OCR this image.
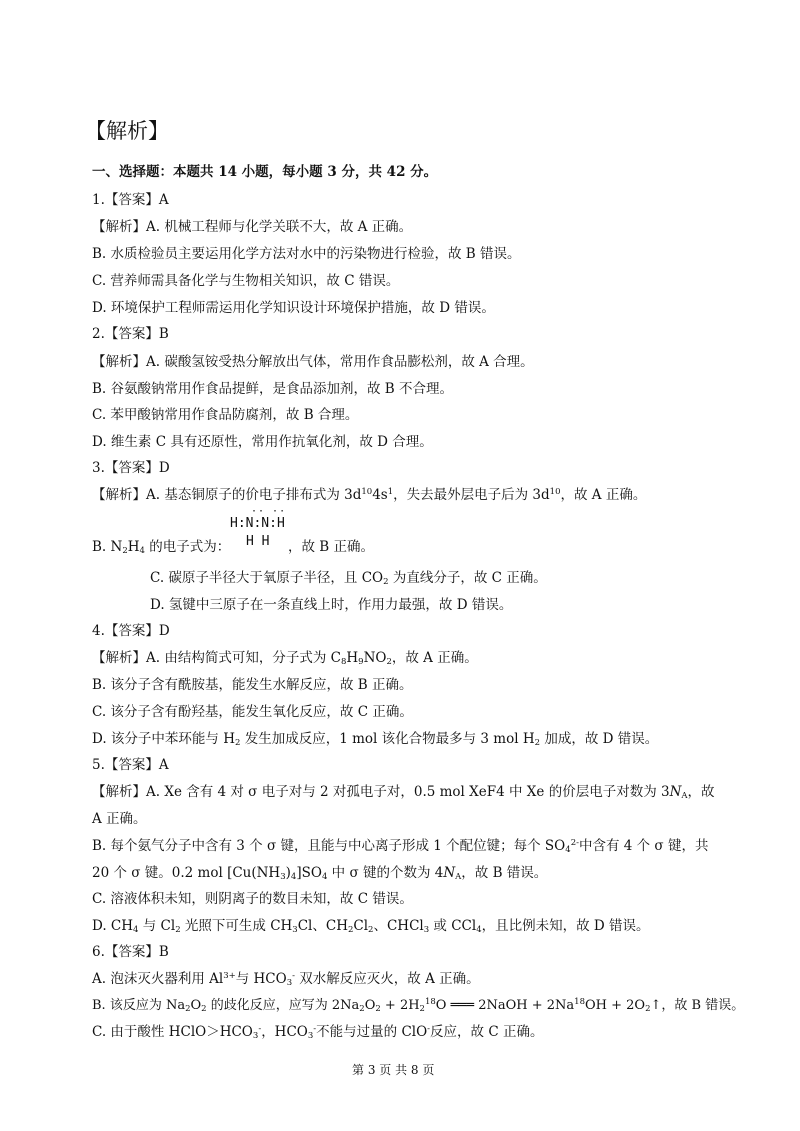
【解析】
一、选择题：本题共 14 小题，每小题 3 分，共 42 分。
1.【答案】A
【解析】A. 机械工程师与化学关联不大，故 A 正确。
B. 水质检验员主要运用化学方法对水中的污染物进行检验，故 B 错误。
C. 营养师需具备化学与生物相关知识，故 C 错误。
D. 环境保护工程师需运用化学知识设计环境保护措施，故 D 错误。
2.【答案】B
【解析】A. 碳酸氢铵受热分解放出气体，常用作食品膨松剂，故 A 合理。
B. 谷氨酸钠常用作食品提鲜，是食品添加剂，故 B 不合理。
C. 苯甲酸钠常用作食品防腐剂，故 B 合理。
D. 维生素 C 具有还原性，常用作抗氧化剂，故 D 合理。
3.【答案】D
【解析】A. 基态铜原子的价电子排布式为 $3d^{10}4s^1$，失去最外层电子后为 $3d^{10}$，故 A 正确。
·· ··
H:N:N:H
H H
B. $N_2H_4$ 的电子式为：	，故 B 正确。
C. 碳原子半径大于氧原子半径，且 $CO_2$ 为直线分子，故 C 正确。
D. 氢键中三原子在一条直线上时，作用力最强，故 D 错误。
4.【答案】D
【解析】A. 由结构简式可知，分子式为 $C_8H_9NO_2$，故 A 正确。
B. 该分子含有酰胺基，能发生水解反应，故 B 正确。
C. 该分子含有酚羟基，能发生氧化反应，故 C 正确。
D. 该分子中苯环能与 $H_2$ 发生加成反应，1 mol 该化合物最多与 3 mol $H_2$ 加成，故 D 错误。
5.【答案】A
【解析】A. Xe 含有 4 对 σ 电子对与 2 对孤电子对，0.5 mol XeF4 中 Xe 的价层电子对数为 $3N_A$，故
A 正确。
B. 每个氨气分子中含有 3 个 σ 键，且能与中心离子形成 1 个配位键；每个 $SO_4^{2-}$中含有 4 个 σ 键，共
20 个 σ 键。0.2 mol $[Cu(NH_3)_4]SO_4$ 中 σ 键的个数为 $4N_A$，故 B 错误。
C. 溶液体积未知，则阴离子的数目未知，故 C 错误。
D. $CH_4$ 与 $Cl_2$ 光照下可生成 $CH_3Cl$、$CH_2Cl_2$、CHCl$_3$ 或 CCl$_4$，且比例未知，故 D 错误。
6.【答案】B
A. 泡沫灭火器利用 $Al^{3+}$与 $HCO_3^-$ 双水解反应灭火，故 A 正确。
B. 该反应为 $Na_2O_2$ 的歧化反应，应写为 $2Na_2O_2 + 2H_2^{18}O$ ═══ 2NaOH + $2Na^{18}OH$ + $2O_2↑$，故 B 错误。
C. 由于酸性 $HClO>HCO_3^-$，$HCO_3^-$不能与过量的 ClO-反应，故 C 正确。
第 3 页 共 8 页
